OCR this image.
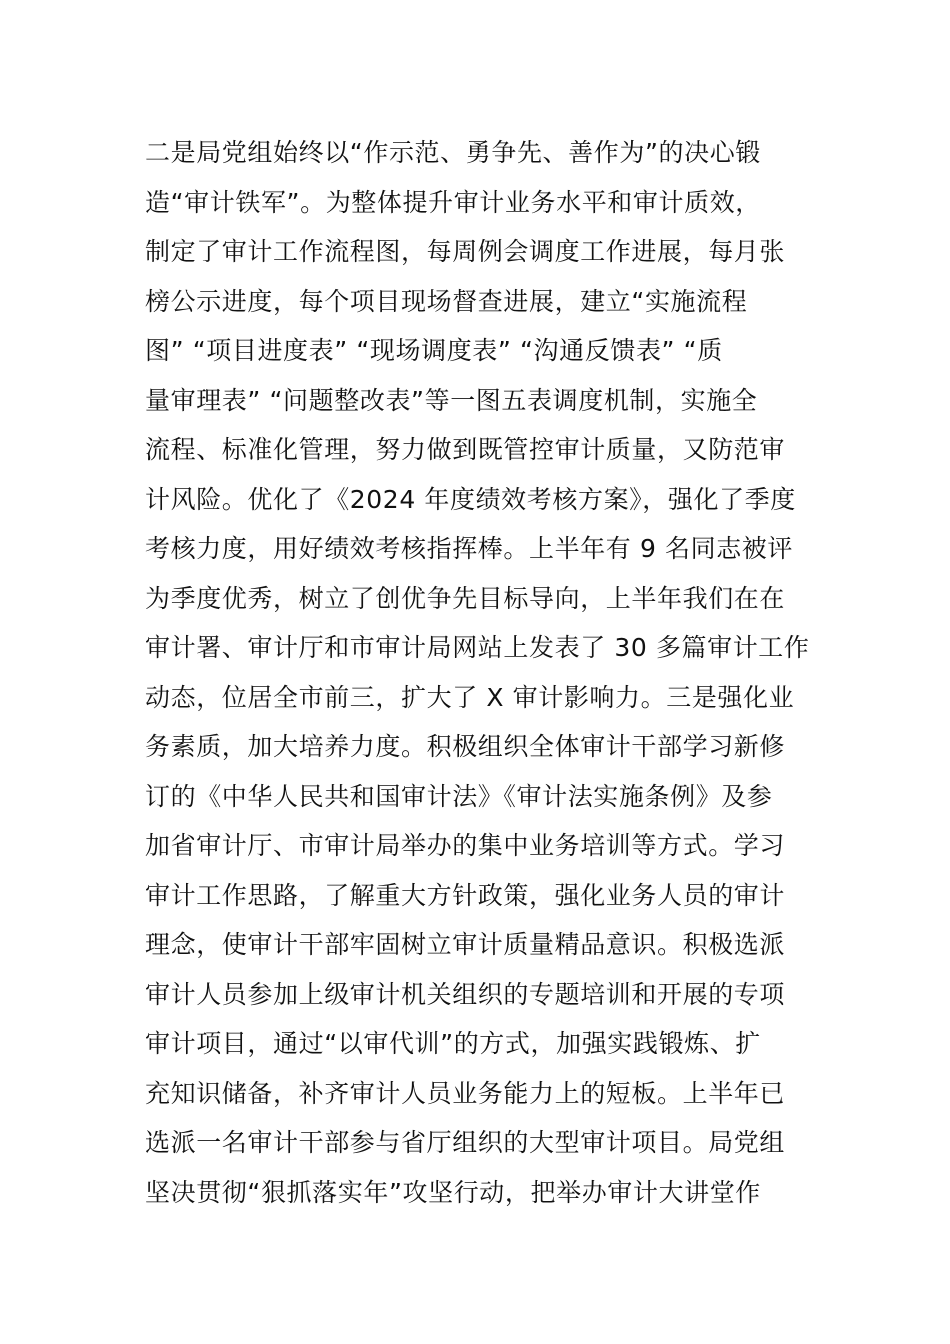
二是局党组始终以“作示范、勇争先、善作为”的决心锻
造“审计铁军”。为整体提升审计业务水平和审计质效，
制定了审计工作流程图，每周例会调度工作进展，每月张
榜公示进度，每个项目现场督查进展，建立“实施流程
图” “项目进度表” “现场调度表” “沟通反馈表” “质
量审理表” “问题整改表”等一图五表调度机制，实施全
流程、标准化管理，努力做到既管控审计质量，又防范审
计风险。优化了《2024 年度绩效考核方案》，强化了季度
考核力度，用好绩效考核指挥棒。上半年有 9 名同志被评
为季度优秀，树立了创优争先目标导向，上半年我们在在
审计署、审计厅和市审计局网站上发表了 30 多篇审计工作
动态，位居全市前三，扩大了 X 审计影响力。三是强化业
务素质，加大培养力度。积极组织全体审计干部学习新修
订的《中华人民共和国审计法》《审计法实施条例》及参
加省审计厅、市审计局举办的集中业务培训等方式。学习
审计工作思路，了解重大方针政策，强化业务人员的审计
理念，使审计干部牢固树立审计质量精品意识。积极选派
审计人员参加上级审计机关组织的专题培训和开展的专项
审计项目，通过“以审代训”的方式，加强实践锻炼、扩
充知识储备，补齐审计人员业务能力上的短板。上半年已
选派一名审计干部参与省厅组织的大型审计项目。局党组
坚决贯彻“狠抓落实年”攻坚行动，把举办审计大讲堂作
